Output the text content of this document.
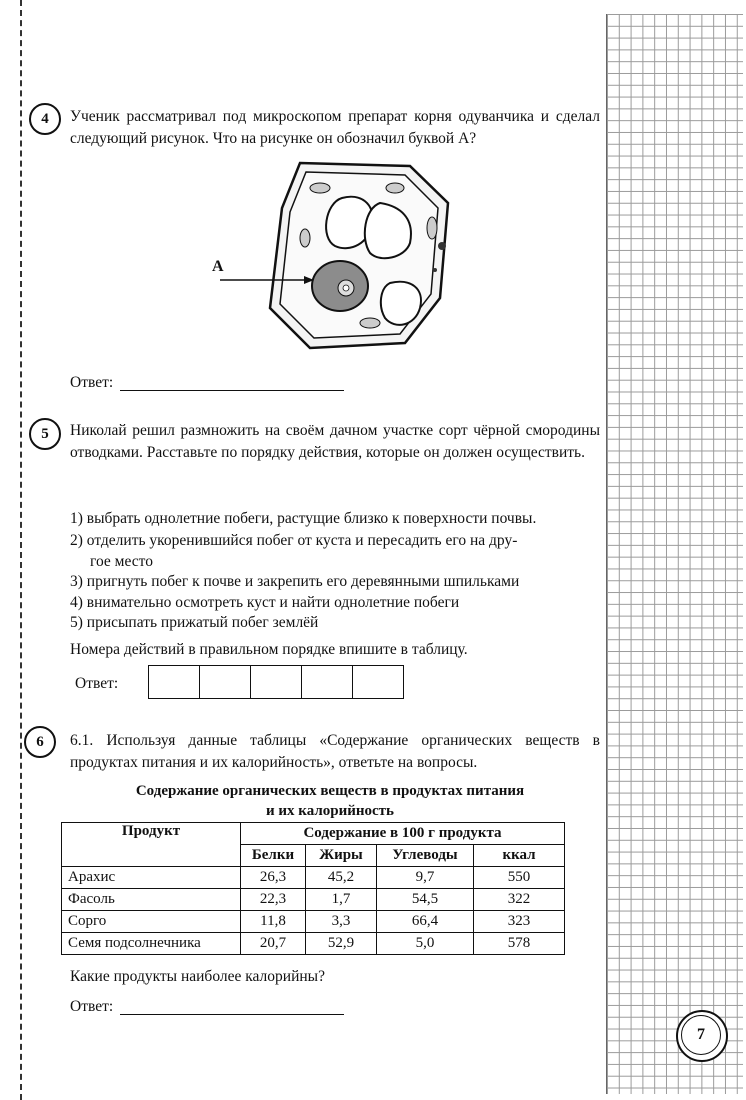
4	Ученик рассматривал под микроскопом препарат корня одуванчика и сделал следующий рисунок. Что на рисунке он обозначил буквой А?
А
Ответ:
5	Николай решил размножить на своём дачном участке сорт чёрной смородины отводками. Расставьте по порядку действия, которые он должен осуществить.
1) выбрать однолетние побеги, растущие близко к поверхности почвы.
2) отделить укоренившийся побег от куста и пересадить его на дру-
гое место
3) пригнуть побег к почве и закрепить его деревянными шпильками
4) внимательно осмотреть куст и найти однолетние побеги
5) присыпать прижатый побег землёй
Номера действий в правильном порядке впишите в таблицу.
Ответ:

6	6.1. Используя данные таблицы «Содержание органических веществ в продуктах питания и их калорийность», ответьте на вопросы.
Содержание органических веществ в продуктах питания
и их калорийность
Продукт	Содержание в 100 г продукта			
	Белки	Жиры	Углеводы	ккал
Арахис	26,3	45,2	9,7	550
Фасоль	22,3	1,7	54,5	322
Сорго	11,8	3,3	66,4	323
Семя подсолнечника	20,7	52,9	5,0	578
Какие продукты наиболее калорийны?
Ответ:
7
